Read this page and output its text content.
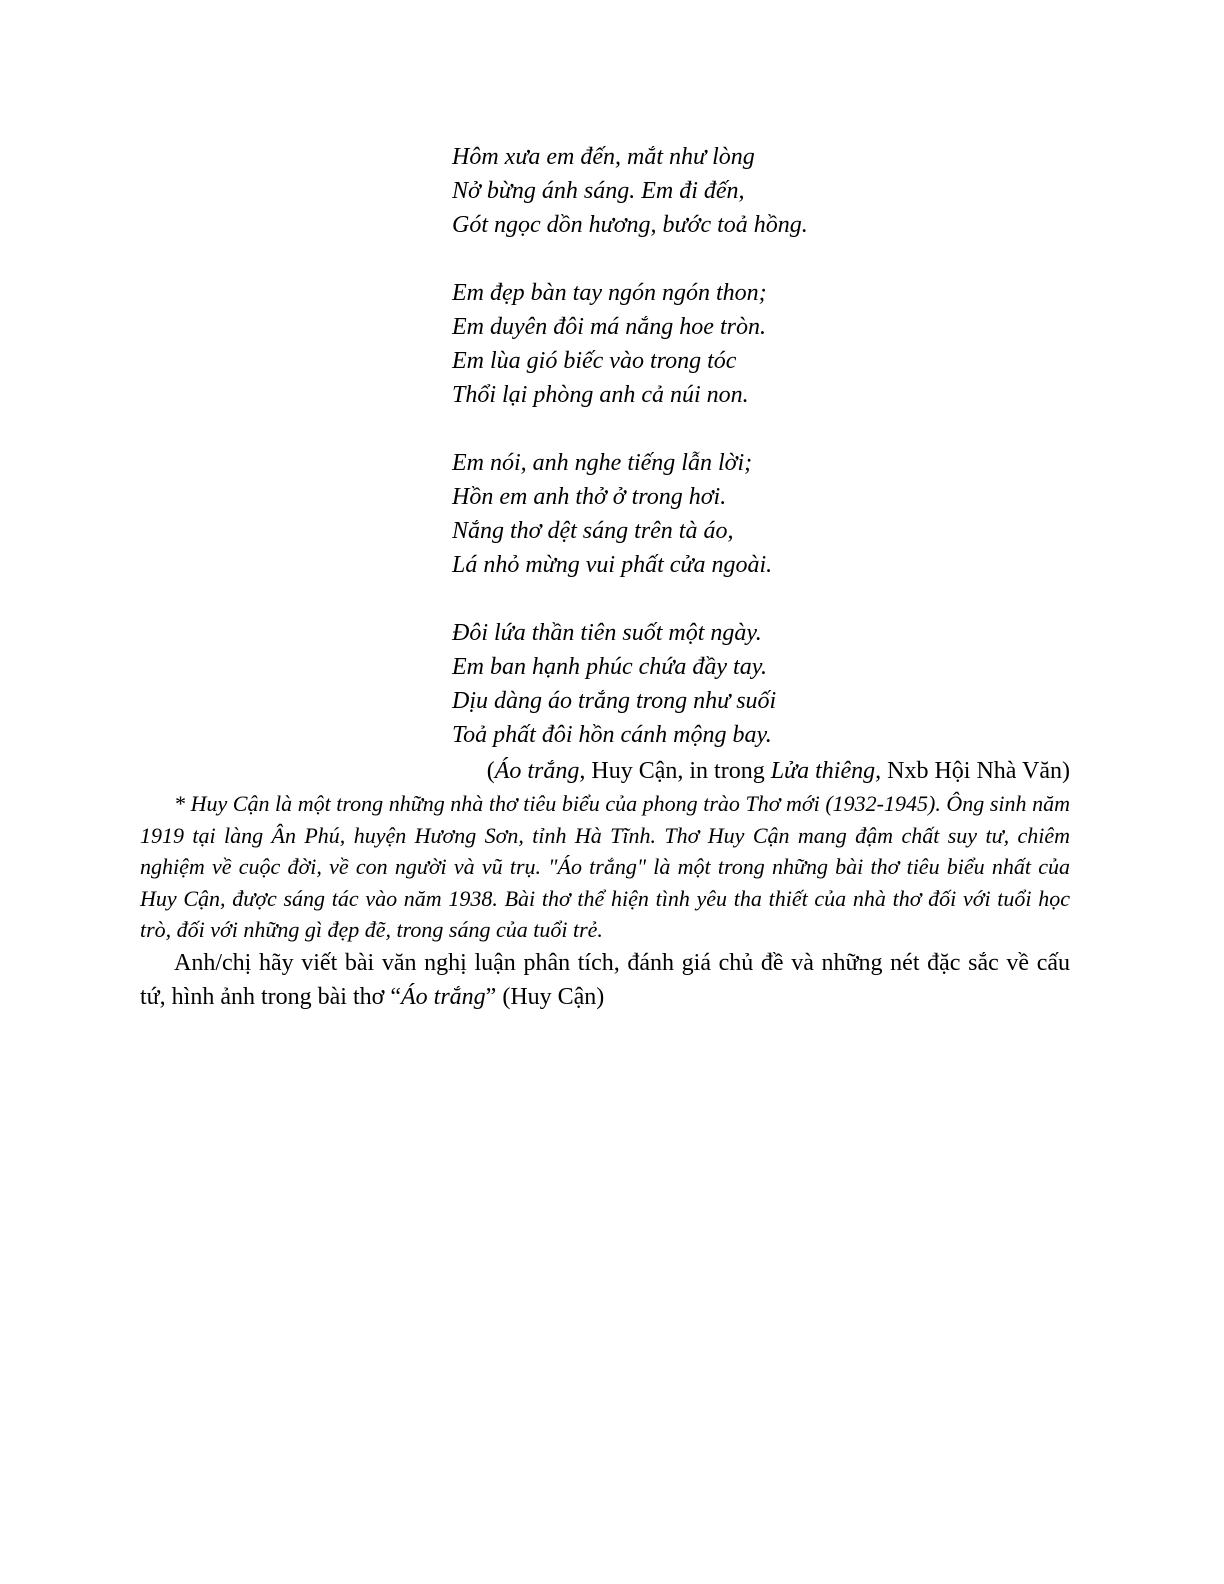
Hôm xưa em đến, mắt như lòng
Nở bừng ánh sáng. Em đi đến,
Gót ngọc dồn hương, bước toả hồng.
Em đẹp bàn tay ngón ngón thon;
Em duyên đôi má nắng hoe tròn.
Em lùa gió biếc vào trong tóc
Thổi lại phòng anh cả núi non.
Em nói, anh nghe tiếng lẫn lời;
Hồn em anh thở ở trong hơi.
Nắng thơ dệt sáng trên tà áo,
Lá nhỏ mừng vui phất cửa ngoài.
Đôi lứa thần tiên suốt một ngày.
Em ban hạnh phúc chứa đầy tay.
Dịu dàng áo trắng trong như suối
Toả phất đôi hồn cánh mộng bay.
(Áo trắng, Huy Cận, in trong Lửa thiêng, Nxb Hội Nhà Văn)

* Huy Cận là một trong những nhà thơ tiêu biểu của phong trào Thơ mới (1932-1945). Ông sinh năm 1919 tại làng Ân Phú, huyện Hương Sơn, tỉnh Hà Tĩnh. Thơ Huy Cận mang đậm chất suy tư, chiêm nghiệm về cuộc đời, về con người và vũ trụ. "Áo trắng" là một trong những bài thơ tiêu biểu nhất của Huy Cận, được sáng tác vào năm 1938. Bài thơ thể hiện tình yêu tha thiết của nhà thơ đối với tuổi học trò, đối với những gì đẹp đẽ, trong sáng của tuổi trẻ.

Anh/chị hãy viết bài văn nghị luận phân tích, đánh giá chủ đề và những nét đặc sắc về cấu tứ, hình ảnh trong bài thơ “Áo trắng” (Huy Cận)
